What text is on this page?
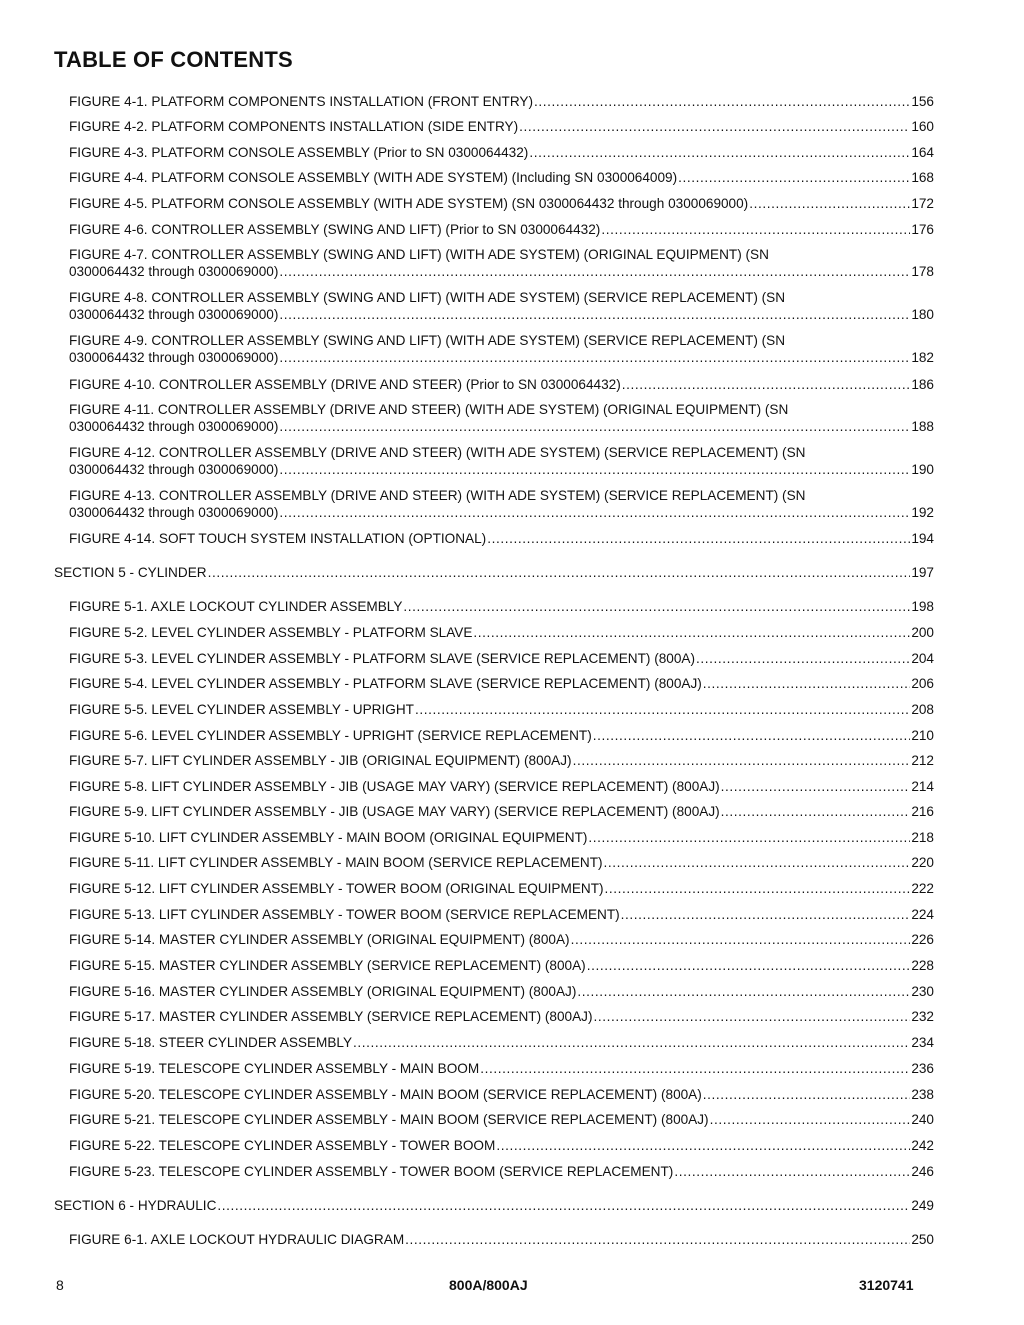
TABLE OF CONTENTS
FIGURE 4-1. PLATFORM COMPONENTS INSTALLATION (FRONT ENTRY) .....	156
FIGURE 4-2. PLATFORM COMPONENTS INSTALLATION (SIDE ENTRY) .....	160
FIGURE 4-3. PLATFORM CONSOLE ASSEMBLY (Prior to SN 0300064432) .....	164
FIGURE 4-4. PLATFORM CONSOLE ASSEMBLY (WITH ADE SYSTEM) (Including SN 0300064009) .....	168
FIGURE 4-5. PLATFORM CONSOLE ASSEMBLY (WITH ADE SYSTEM) (SN 0300064432 through 0300069000) .....	172
FIGURE 4-6. CONTROLLER ASSEMBLY (SWING AND LIFT) (Prior to SN 0300064432) .....	176
FIGURE 4-7. CONTROLLER ASSEMBLY (SWING AND LIFT) (WITH ADE SYSTEM) (ORIGINAL EQUIPMENT) (SN
0300064432 through 0300069000) .....	178
FIGURE 4-8. CONTROLLER ASSEMBLY (SWING AND LIFT) (WITH ADE SYSTEM) (SERVICE REPLACEMENT) (SN
0300064432 through 0300069000) .....	180
FIGURE 4-9. CONTROLLER ASSEMBLY (SWING AND LIFT) (WITH ADE SYSTEM) (SERVICE REPLACEMENT) (SN
0300064432 through 0300069000) .....	182
FIGURE 4-10. CONTROLLER ASSEMBLY (DRIVE AND STEER) (Prior to SN 0300064432) .....	186
FIGURE 4-11. CONTROLLER ASSEMBLY (DRIVE AND STEER) (WITH ADE SYSTEM) (ORIGINAL EQUIPMENT) (SN
0300064432 through 0300069000) .....	188
FIGURE 4-12. CONTROLLER ASSEMBLY (DRIVE AND STEER) (WITH ADE SYSTEM) (SERVICE REPLACEMENT) (SN
0300064432 through 0300069000) .....	190
FIGURE 4-13. CONTROLLER ASSEMBLY (DRIVE AND STEER) (WITH ADE SYSTEM) (SERVICE REPLACEMENT) (SN
0300064432 through 0300069000) .....	192
FIGURE 4-14. SOFT TOUCH SYSTEM INSTALLATION (OPTIONAL) .....	194
SECTION 5 - CYLINDER .....	197
FIGURE 5-1. AXLE LOCKOUT CYLINDER ASSEMBLY .....	198
FIGURE 5-2. LEVEL CYLINDER ASSEMBLY - PLATFORM SLAVE .....	200
FIGURE 5-3. LEVEL CYLINDER ASSEMBLY - PLATFORM SLAVE (SERVICE REPLACEMENT) (800A) .....	204
FIGURE 5-4. LEVEL CYLINDER ASSEMBLY - PLATFORM SLAVE (SERVICE REPLACEMENT) (800AJ) .....	206
FIGURE 5-5. LEVEL CYLINDER ASSEMBLY - UPRIGHT .....	208
FIGURE 5-6. LEVEL CYLINDER ASSEMBLY - UPRIGHT (SERVICE REPLACEMENT) .....	210
FIGURE 5-7. LIFT CYLINDER ASSEMBLY - JIB (ORIGINAL EQUIPMENT) (800AJ) .....	212
FIGURE 5-8. LIFT CYLINDER ASSEMBLY - JIB (USAGE MAY VARY) (SERVICE REPLACEMENT) (800AJ) .....	214
FIGURE 5-9. LIFT CYLINDER ASSEMBLY - JIB (USAGE MAY VARY) (SERVICE REPLACEMENT) (800AJ) .....	216
FIGURE 5-10. LIFT CYLINDER ASSEMBLY - MAIN BOOM (ORIGINAL EQUIPMENT) .....	218
FIGURE 5-11. LIFT CYLINDER ASSEMBLY - MAIN BOOM (SERVICE REPLACEMENT) .....	220
FIGURE 5-12. LIFT CYLINDER ASSEMBLY - TOWER BOOM (ORIGINAL EQUIPMENT) .....	222
FIGURE 5-13. LIFT CYLINDER ASSEMBLY - TOWER BOOM (SERVICE REPLACEMENT) .....	224
FIGURE 5-14. MASTER CYLINDER ASSEMBLY (ORIGINAL EQUIPMENT) (800A) .....	226
FIGURE 5-15. MASTER CYLINDER ASSEMBLY (SERVICE REPLACEMENT) (800A) .....	228
FIGURE 5-16. MASTER CYLINDER ASSEMBLY (ORIGINAL EQUIPMENT) (800AJ) .....	230
FIGURE 5-17. MASTER CYLINDER ASSEMBLY (SERVICE REPLACEMENT) (800AJ) .....	232
FIGURE 5-18. STEER CYLINDER ASSEMBLY .....	234
FIGURE 5-19. TELESCOPE CYLINDER ASSEMBLY - MAIN BOOM .....	236
FIGURE 5-20. TELESCOPE CYLINDER ASSEMBLY - MAIN BOOM (SERVICE REPLACEMENT) (800A) .....	238
FIGURE 5-21. TELESCOPE CYLINDER ASSEMBLY - MAIN BOOM (SERVICE REPLACEMENT) (800AJ) .....	240
FIGURE 5-22. TELESCOPE CYLINDER ASSEMBLY - TOWER BOOM .....	242
FIGURE 5-23. TELESCOPE CYLINDER ASSEMBLY - TOWER BOOM (SERVICE REPLACEMENT) .....	246
SECTION 6 - HYDRAULIC .....	249
FIGURE 6-1. AXLE LOCKOUT HYDRAULIC DIAGRAM .....	250
8	800A/800AJ	3120741
